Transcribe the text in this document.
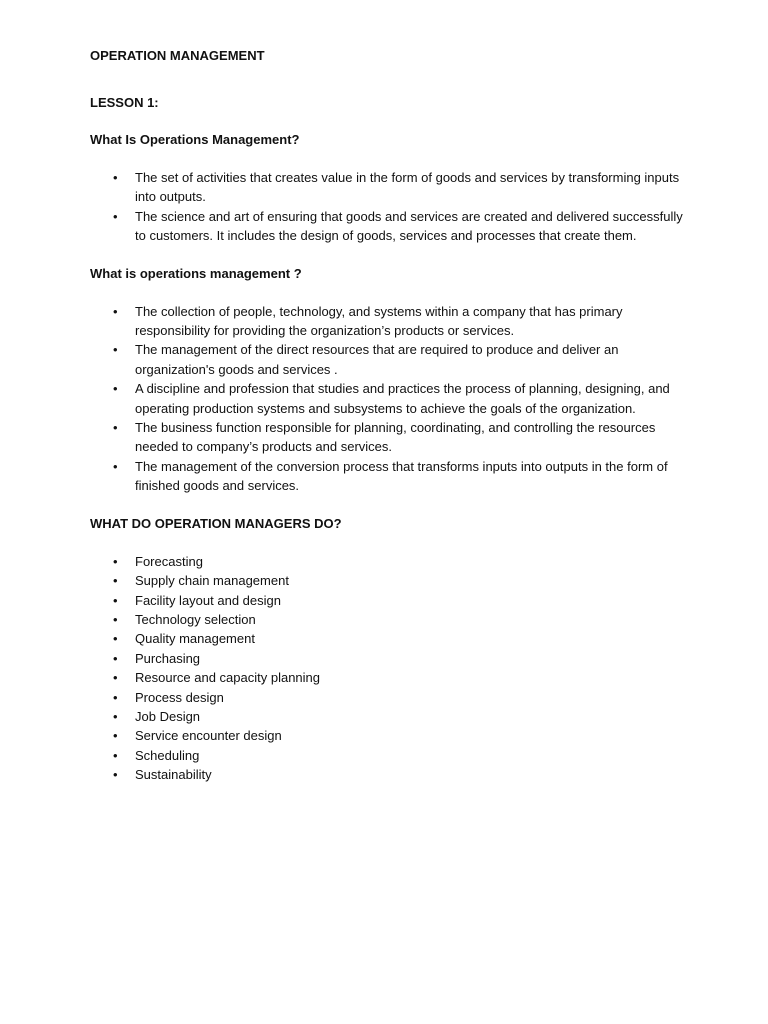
OPERATION MANAGEMENT

LESSON 1:

What Is Operations Management?

• The set of activities that creates value in the form of goods and services by transforming inputs into outputs.
• The science and art of ensuring that goods and services are created and delivered successfully to customers. It includes the design of goods, services and processes that create them.

What is operations management ?

• The collection of people, technology, and systems within a company that has primary responsibility for providing the organization’s products or services.
• The management of the direct resources that are required to produce and deliver an organization's goods and services .
• A discipline and profession that studies and practices the process of planning, designing, and operating production systems and subsystems to achieve the goals of the organization.
• The business function responsible for planning, coordinating, and controlling the resources needed to company’s products and services.
• The management of the conversion process that transforms inputs into outputs in the form of finished goods and services.

WHAT DO OPERATION MANAGERS DO?

• Forecasting
• Supply chain management
• Facility layout and design
• Technology selection
• Quality management
• Purchasing
• Resource and capacity planning
• Process design
• Job Design
• Service encounter design
• Scheduling
• Sustainability
